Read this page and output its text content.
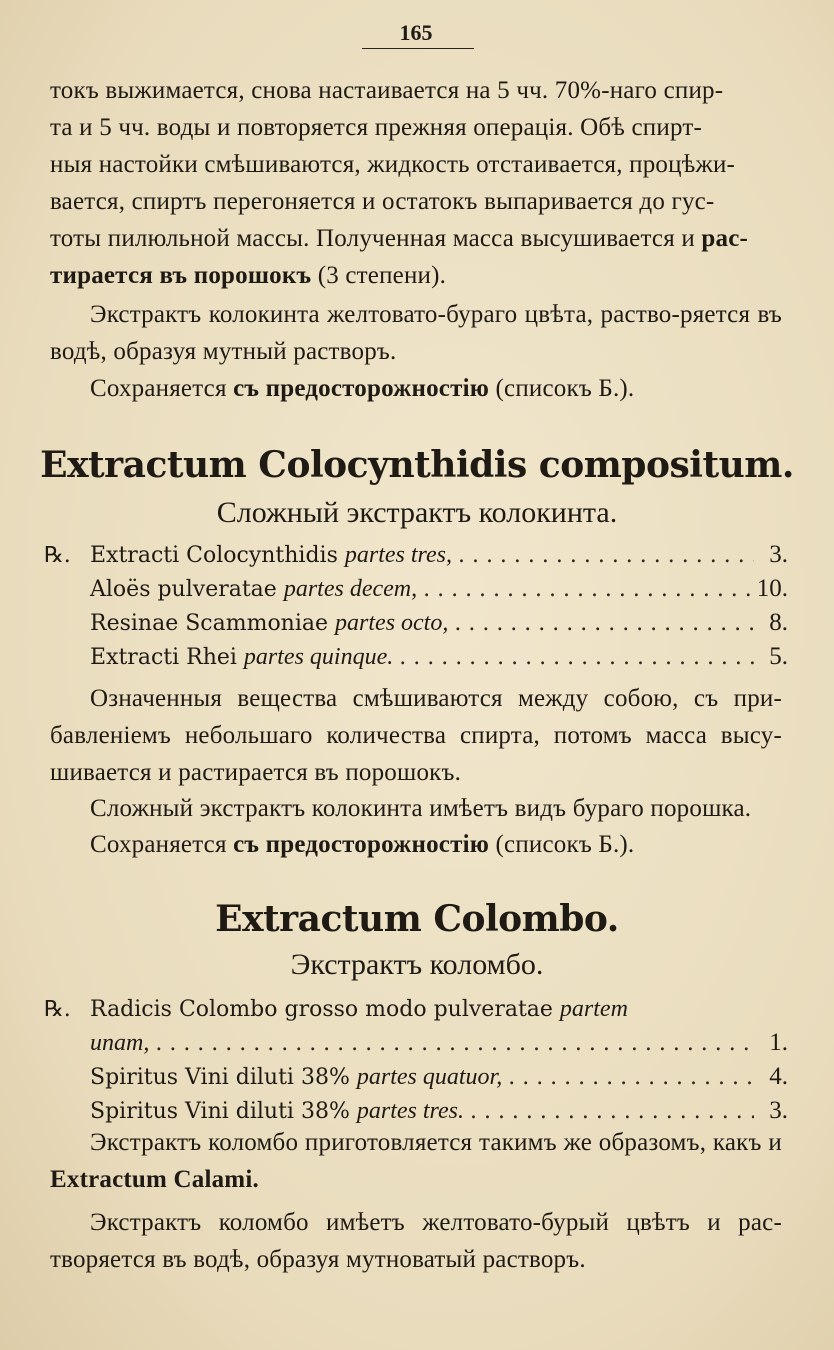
165
токъ выжимается, снова настаивается на 5 чч. 70%-наго спир-
та и 5 чч. воды и повторяется прежняя операція. Обѣ спирт-
ныя настойки смѣшиваются, жидкость отстаивается, процѣжи-
вается, спиртъ перегоняется и остатокъ выпаривается до гус-
тоты пилюльной массы. Полученная масса высушивается и рас-
тирается въ порошокъ (3 степени).
Экстрактъ колокинта желтовато-бураго цвѣта, раство-ряется въ водѣ, образуя мутный растворъ.
Сохраняется съ предосторожностію (списокъ Б.).
Extractum Colocynthidis compositum.
Сложный экстрактъ колокинта.
℞. Extracti Colocynthidis partes tres, . . .	3.
Aloës pulveratae partes decem, . . .	10.
Resinae Scammoniae partes octo, . . .	8.
Extracti Rhei partes quinque. . . .	5.
Означенныя вещества смѣшиваются между собою, съ при-бавленіемъ небольшаго количества спирта, потомъ масса высу-шивается и растирается въ порошокъ.
Сложный экстрактъ колокинта имѣетъ видъ бураго порошка.
Сохраняется съ предосторожностію (списокъ Б.).
Extractum Colombo.
Экстрактъ коломбо.
℞. Radicis Colombo grosso modo pulveratae partem
unam, . . .	1.
Spiritus Vini diluti 38% partes quatuor, . . .	4.
Spiritus Vini diluti 38% partes tres. . . .	3.
Экстрактъ коломбо приготовляется такимъ же образомъ, какъ и Extractum Calami.
Экстрактъ коломбо имѣетъ желтовато-бурый цвѣтъ и рас-творяется въ водѣ, образуя мутноватый растворъ.
